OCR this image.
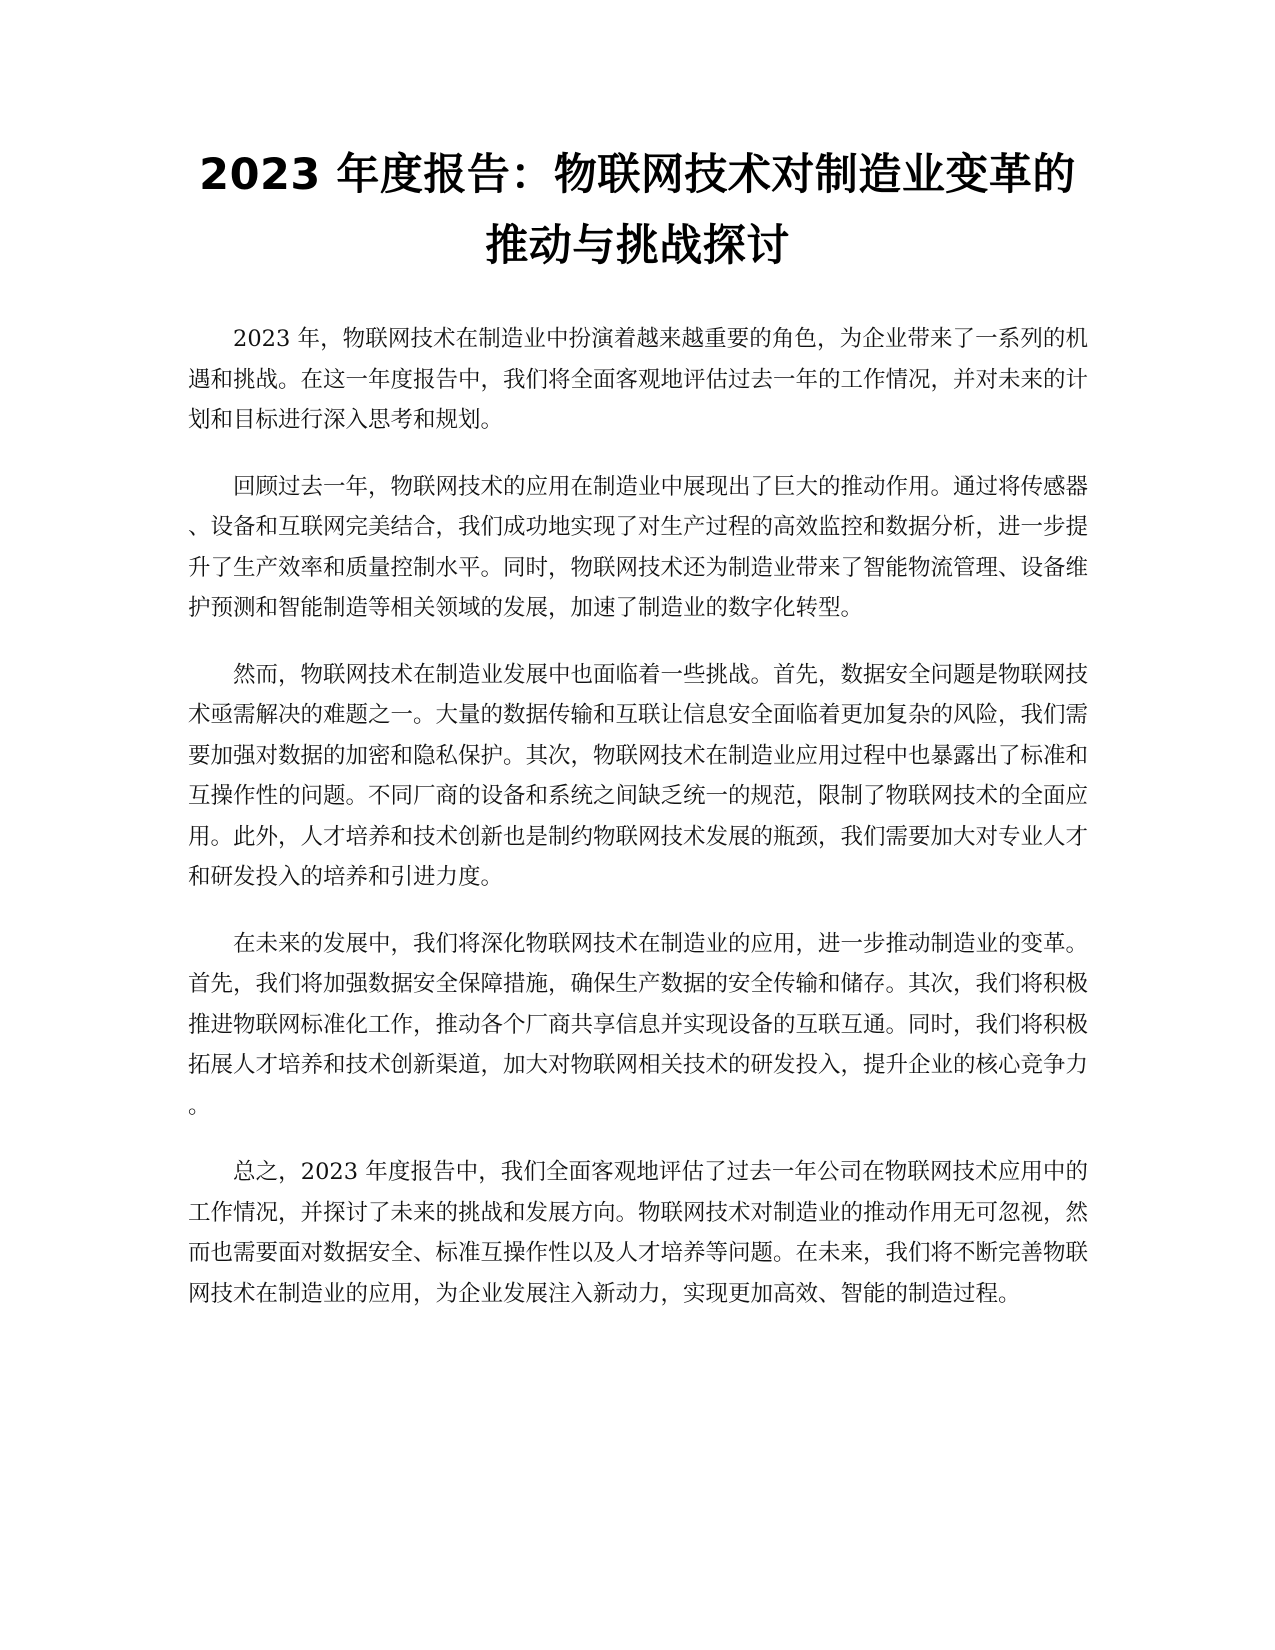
2023 年度报告：物联网技术对制造业变革的
推动与挑战探讨

2023 年，物联网技术在制造业中扮演着越来越重要的角色，为企业带来了一系列的机遇和挑战。在这一年度报告中，我们将全面客观地评估过去一年的工作情况，并对未来的计划和目标进行深入思考和规划。

回顾过去一年，物联网技术的应用在制造业中展现出了巨大的推动作用。通过将传感器、设备和互联网完美结合，我们成功地实现了对生产过程的高效监控和数据分析，进一步提升了生产效率和质量控制水平。同时，物联网技术还为制造业带来了智能物流管理、设备维护预测和智能制造等相关领域的发展，加速了制造业的数字化转型。

然而，物联网技术在制造业发展中也面临着一些挑战。首先，数据安全问题是物联网技术亟需解决的难题之一。大量的数据传输和互联让信息安全面临着更加复杂的风险，我们需要加强对数据的加密和隐私保护。其次，物联网技术在制造业应用过程中也暴露出了标准和互操作性的问题。不同厂商的设备和系统之间缺乏统一的规范，限制了物联网技术的全面应用。此外，人才培养和技术创新也是制约物联网技术发展的瓶颈，我们需要加大对专业人才和研发投入的培养和引进力度。

在未来的发展中，我们将深化物联网技术在制造业的应用，进一步推动制造业的变革。首先，我们将加强数据安全保障措施，确保生产数据的安全传输和储存。其次，我们将积极推进物联网标准化工作，推动各个厂商共享信息并实现设备的互联互通。同时，我们将积极拓展人才培养和技术创新渠道，加大对物联网相关技术的研发投入，提升企业的核心竞争力。

总之，2023 年度报告中，我们全面客观地评估了过去一年公司在物联网技术应用中的工作情况，并探讨了未来的挑战和发展方向。物联网技术对制造业的推动作用无可忽视，然而也需要面对数据安全、标准互操作性以及人才培养等问题。在未来，我们将不断完善物联网技术在制造业的应用，为企业发展注入新动力，实现更加高效、智能的制造过程。
